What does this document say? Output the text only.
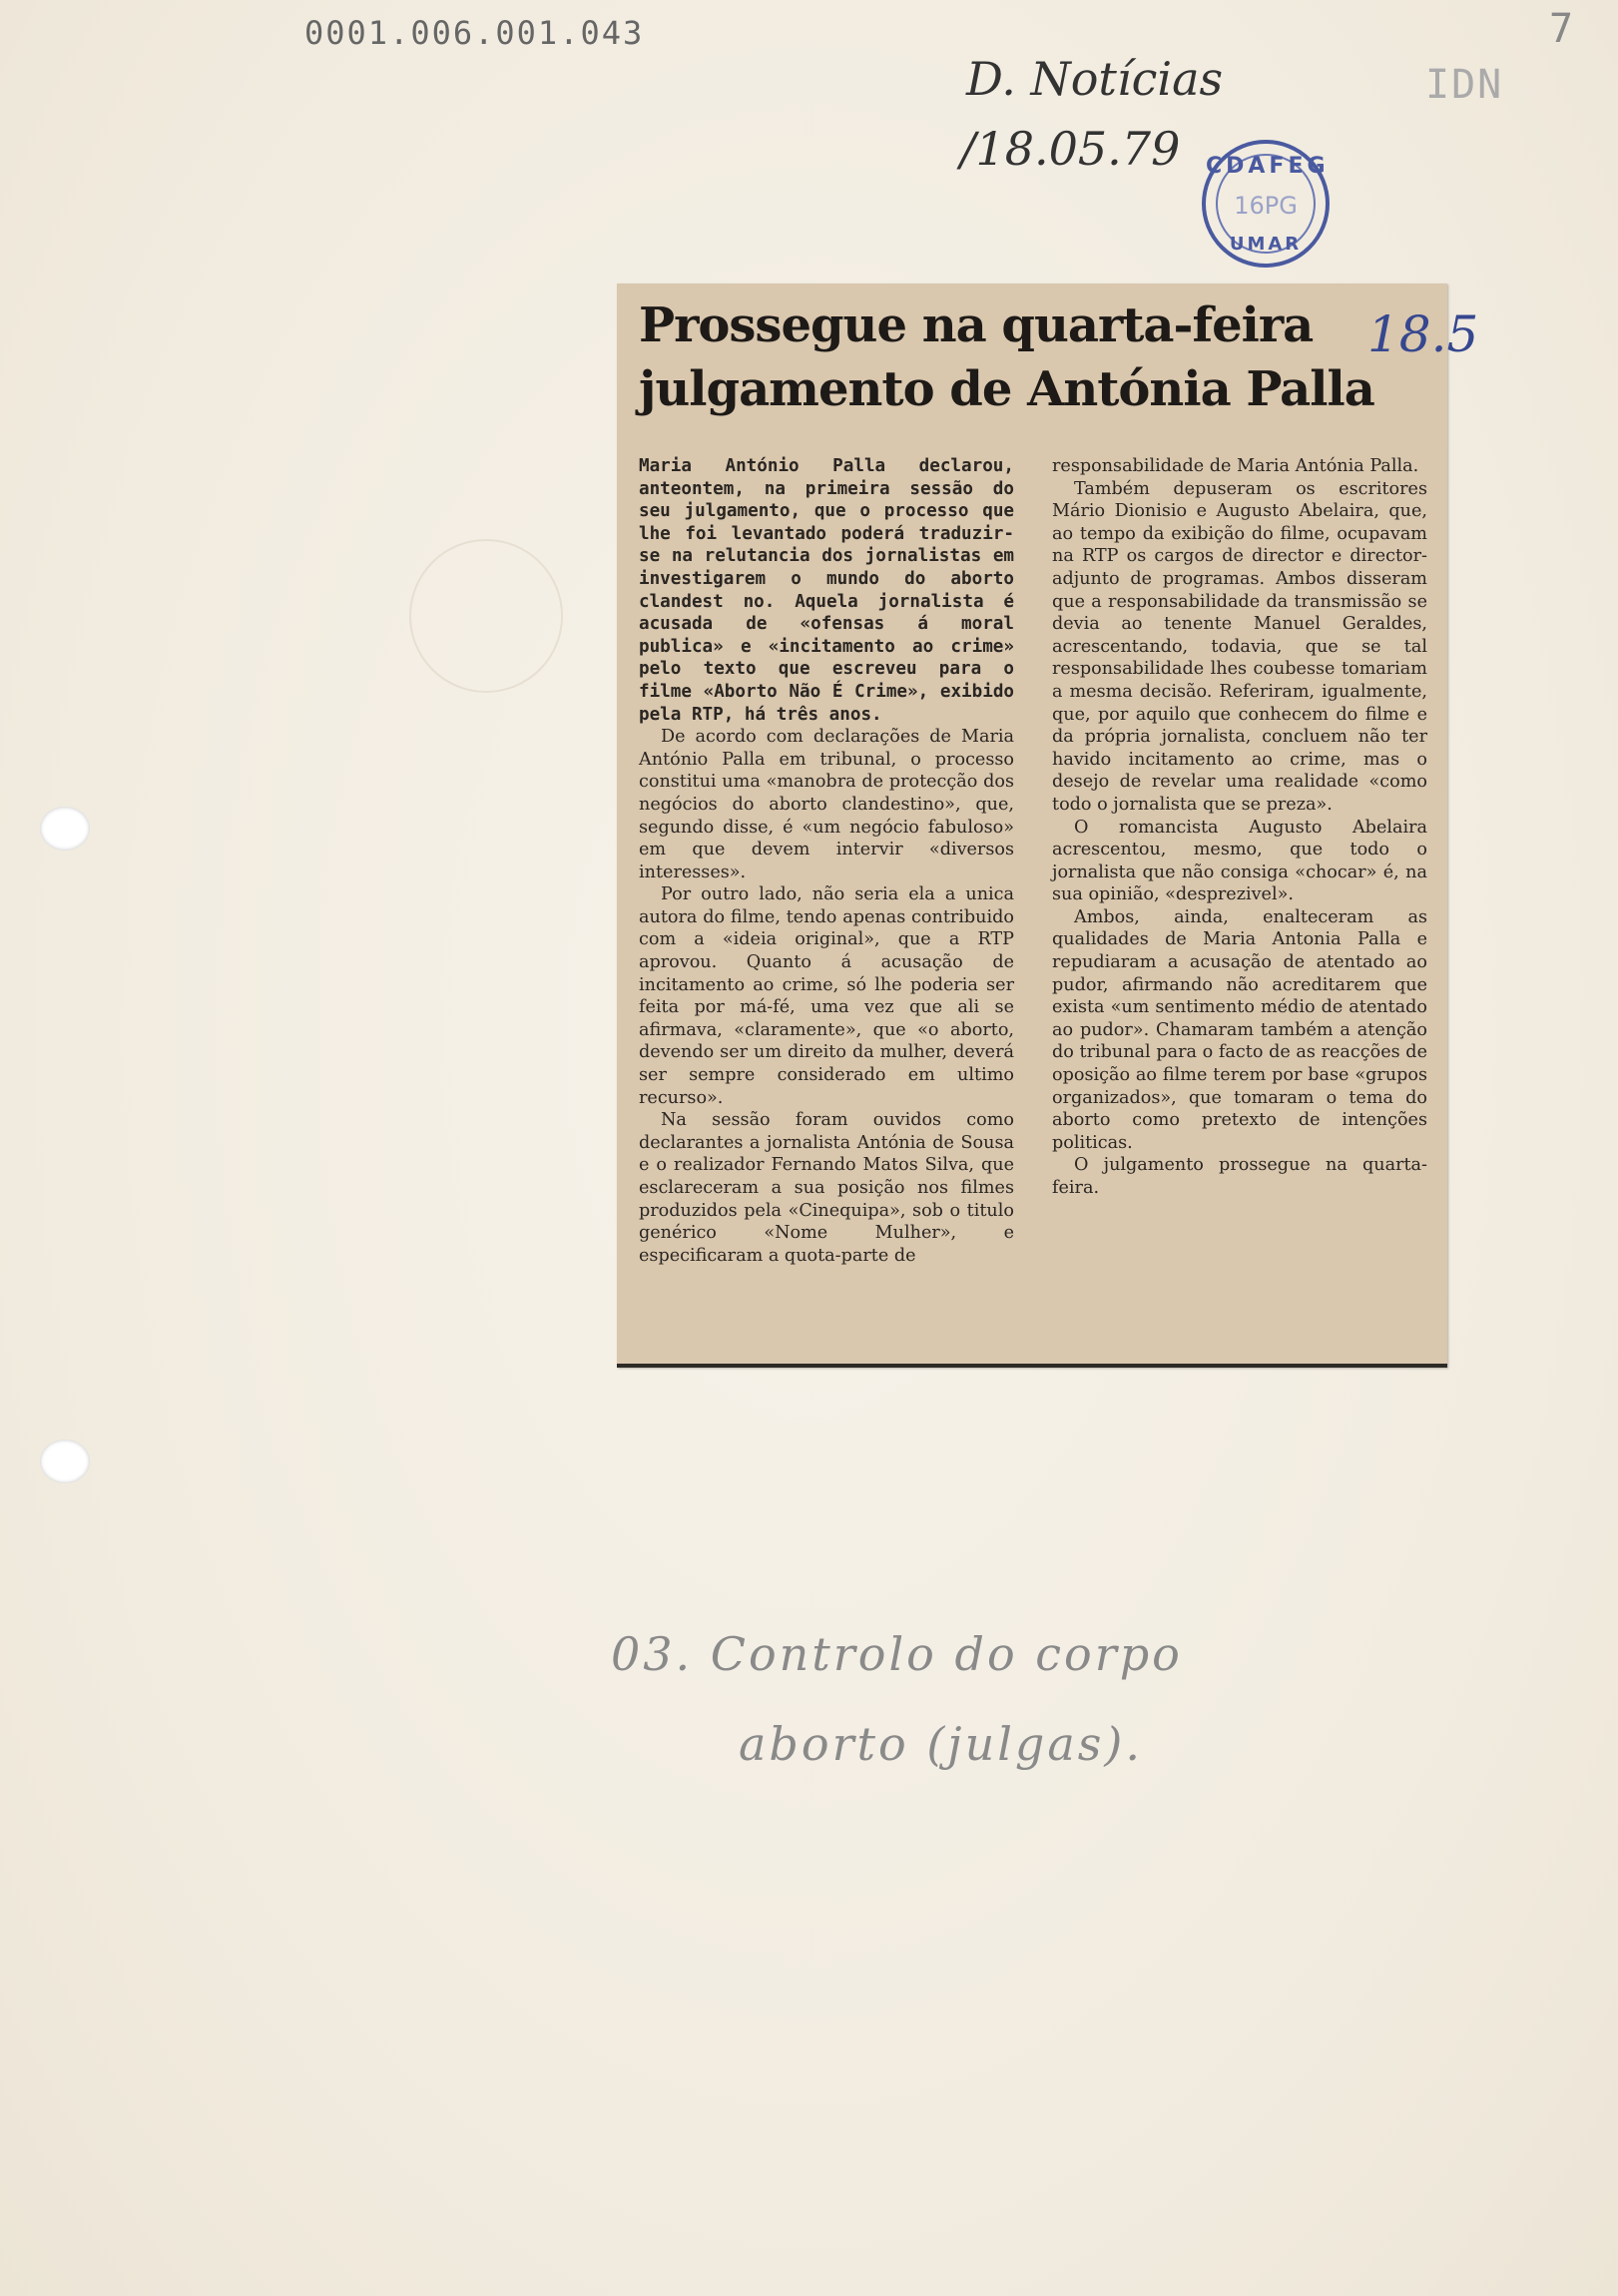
0001.006.001.043	7
IDN
D. Notícias
/18.05.79 CDAFEG
16PG
UMAR
Prossegue na quarta-feira julgamento de Antónia Palla
18.5

Maria António Palla declarou, anteontem, na primeira sessão do seu julgamento, que o processo que lhe foi levantado poderá traduzir-se na relutancia dos jornalistas em investigarem o mundo do aborto clandest no. Aquela jornalista é acusada de «ofensas á moral publica» e «incitamento ao crime» pelo texto que escreveu para o filme «Aborto Não É Crime», exibido pela RTP, há três anos.

De acordo com declarações de Maria António Palla em tribunal, o processo constitui uma «manobra de protecção dos negócios do aborto clandestino», que, segundo disse, é «um negócio fabuloso» em que devem intervir «diversos interesses».

Por outro lado, não seria ela a unica autora do filme, tendo apenas contribuido com a «ideia original», que a RTP aprovou. Quanto á acusação de incitamento ao crime, só lhe poderia ser feita por má-fé, uma vez que ali se afirmava, «claramente», que «o aborto, devendo ser um direito da mulher, deverá ser sempre considerado em ultimo recurso».

Na sessão foram ouvidos como declarantes a jornalista Antónia de Sousa e o realizador Fernando Matos Silva, que esclareceram a sua posição nos filmes produzidos pela «Cinequipa», sob o titulo genérico «Nome Mulher», e especificaram a quota-parte de

responsabilidade de Maria Antónia Palla.

Também depuseram os escritores Mário Dionisio e Augusto Abelaira, que, ao tempo da exibição do filme, ocupavam na RTP os cargos de director e director-adjunto de programas. Ambos disseram que a responsabilidade da transmissão se devia ao tenente Manuel Geraldes, acrescentando, todavia, que se tal responsabilidade lhes coubesse tomariam a mesma decisão. Referiram, igualmente, que, por aquilo que conhecem do filme e da própria jornalista, concluem não ter havido incitamento ao crime, mas o desejo de revelar uma realidade «como todo o jornalista que se preza».

O romancista Augusto Abelaira acrescentou, mesmo, que todo o jornalista que não consiga «chocar» é, na sua opinião, «desprezivel».

Ambos, ainda, enalteceram as qualidades de Maria Antonia Palla e repudiaram a acusação de atentado ao pudor, afirmando não acreditarem que exista «um sentimento médio de atentado ao pudor». Chamaram também a atenção do tribunal para o facto de as reacções de oposição ao filme terem por base «grupos organizados», que tomaram o tema do aborto como pretexto de intenções politicas.

O julgamento prossegue na quarta-feira.

03. Controlo do corpo
aborto (julgas).
